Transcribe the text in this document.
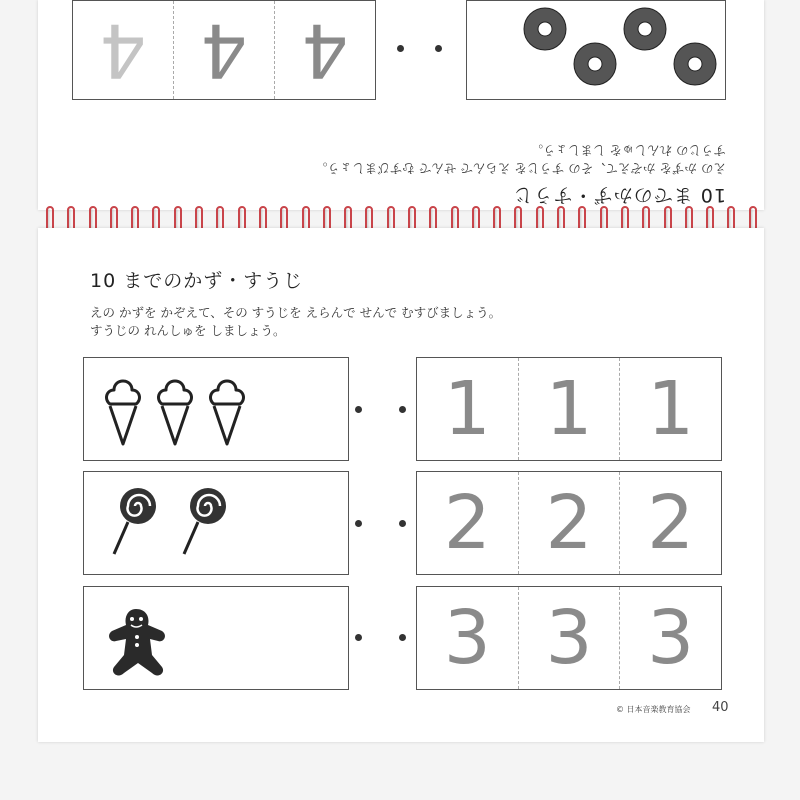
10 までのかず・すうじ
えの かずを かぞえて、その すうじを えらんで せんで むすびましょう。
すうじの れんしゅを しましょう。
4
4
4
10 までのかず・すうじ
えの かずを かぞえて、その すうじを えらんで せんで むすびましょう。
すうじの れんしゅを しましょう。
1 1 1
2 2 2
3 3 3
© 日本音楽教育協会 40
